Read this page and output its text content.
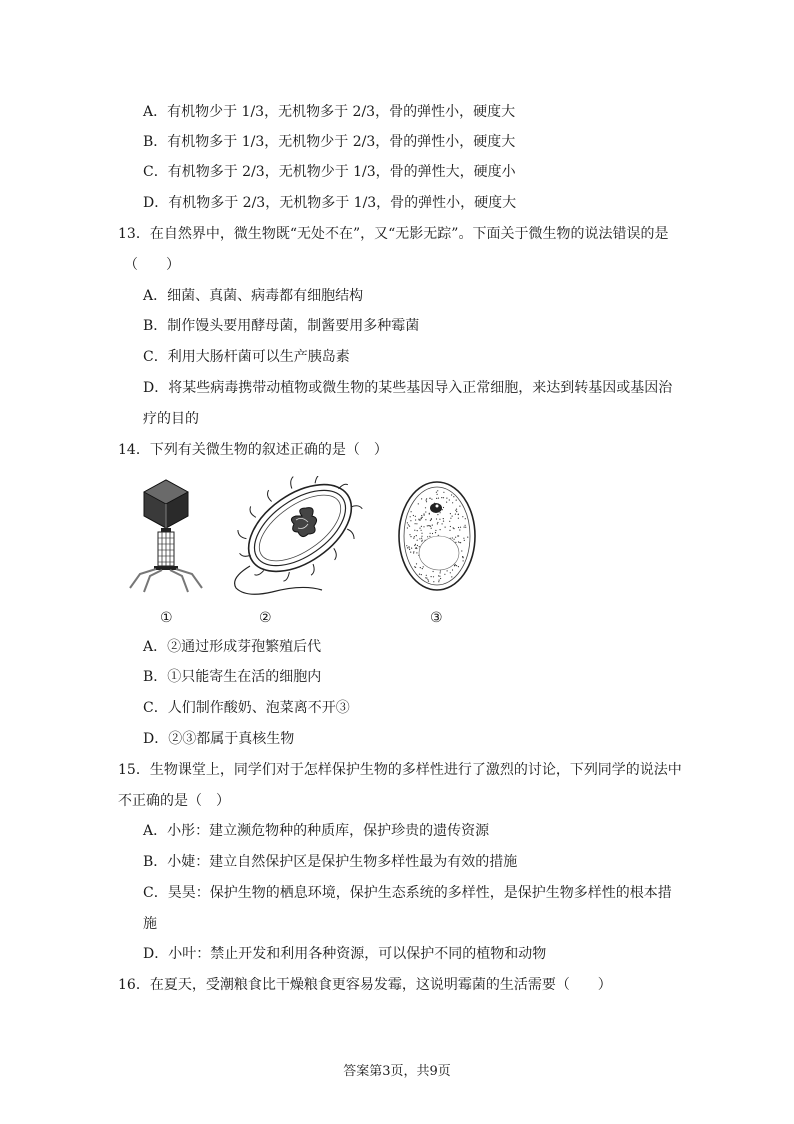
A．有机物少于 1/3，无机物多于 2/3，骨的弹性小，硬度大
B．有机物多于 1/3，无机物少于 2/3，骨的弹性小，硬度大
C．有机物多于 2/3，无机物少于 1/3，骨的弹性大，硬度小
D．有机物多于 2/3，无机物多于 1/3，骨的弹性小，硬度大
13．在自然界中，微生物既“无处不在”，又“无影无踪”。下面关于微生物的说法错误的是
（　　）
A．细菌、真菌、病毒都有细胞结构
B．制作馒头要用酵母菌，制酱要用多种霉菌
C．利用大肠杆菌可以生产胰岛素
D．将某些病毒携带动植物或微生物的某些基因导入正常细胞，来达到转基因或基因治
疗的目的
14．下列有关微生物的叙述正确的是（　）
①	②	③
A．②通过形成芽孢繁殖后代
B．①只能寄生在活的细胞内
C．人们制作酸奶、泡菜离不开③
D．②③都属于真核生物
15．生物课堂上，同学们对于怎样保护生物的多样性进行了激烈的讨论，下列同学的说法中
不正确的是（　）
A．小彤：建立濒危物种的种质库，保护珍贵的遗传资源
B．小婕：建立自然保护区是保护生物多样性最为有效的措施
C．昊昊：保护生物的栖息环境，保护生态系统的多样性，是保护生物多样性的根本措
施
D．小叶：禁止开发和利用各种资源，可以保护不同的植物和动物
16．在夏天，受潮粮食比干燥粮食更容易发霉，这说明霉菌的生活需要（　　）
答案第3页，共9页
